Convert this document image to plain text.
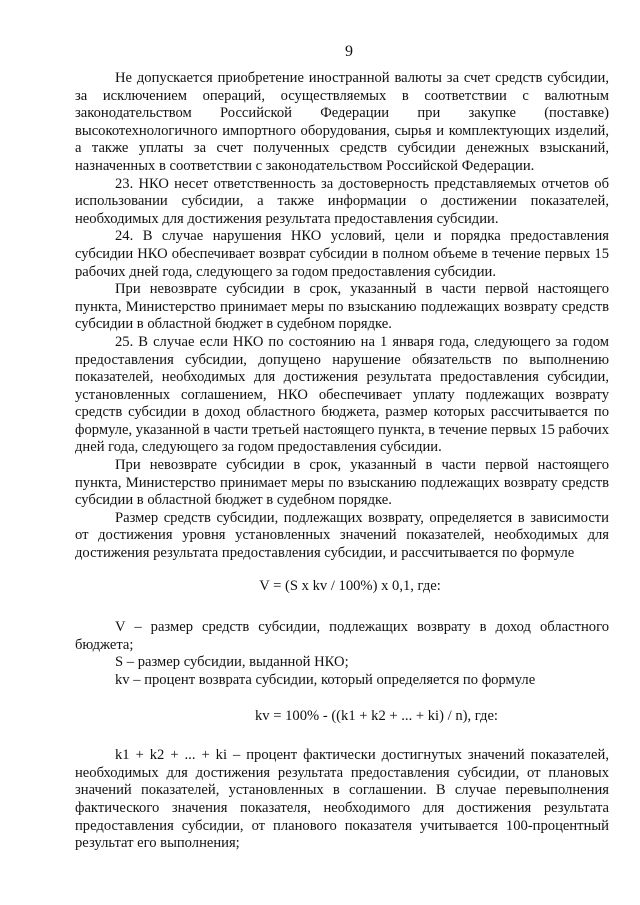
9

Не допускается приобретение иностранной валюты за счет средств субсидии, за исключением операций, осуществляемых в соответствии с валютным законодательством Российской Федерации при закупке (поставке) высокотехнологичного импортного оборудования, сырья и комплектующих изделий, а также уплаты за счет полученных средств субсидии денежных взысканий, назначенных в соответствии с законодательством Российской Федерации.

23. НКО несет ответственность за достоверность представляемых отчетов об использовании субсидии, а также информации о достижении показателей, необходимых для достижения результата предоставления субсидии.

24. В случае нарушения НКО условий, цели и порядка предоставления субсидии НКО обеспечивает возврат субсидии в полном объеме в течение первых 15 рабочих дней года, следующего за годом предоставления субсидии.

При невозврате субсидии в срок, указанный в части первой настоящего пункта, Министерство принимает меры по взысканию подлежащих возврату средств субсидии в областной бюджет в судебном порядке.

25. В случае если НКО по состоянию на 1 января года, следующего за годом предоставления субсидии, допущено нарушение обязательств по выполнению показателей, необходимых для достижения результата предоставления субсидии, установленных соглашением, НКО обеспечивает уплату подлежащих возврату средств субсидии в доход областного бюджета, размер которых рассчитывается по формуле, указанной в части третьей настоящего пункта, в течение первых 15 рабочих дней года, следующего за годом предоставления субсидии.

При невозврате субсидии в срок, указанный в части первой настоящего пункта, Министерство принимает меры по взысканию подлежащих возврату средств субсидии в областной бюджет в судебном порядке.

Размер средств субсидии, подлежащих возврату, определяется в зависимости от достижения уровня установленных значений показателей, необходимых для достижения результата предоставления субсидии, и рассчитывается по формуле

V = (S x kv / 100%) x 0,1, где:

V – размер средств субсидии, подлежащих возврату в доход областного бюджета;

S – размер субсидии, выданной НКО;

kv – процент возврата субсидии, который определяется по формуле

kv = 100% - ((k1 + k2 + ... + ki) / n), где:

k1 + k2 + ... + ki – процент фактически достигнутых значений показателей, необходимых для достижения результата предоставления субсидии, от плановых значений показателей, установленных в соглашении. В случае перевыполнения фактического значения показателя, необходимого для достижения результата предоставления субсидии, от планового показателя учитывается 100-процентный результат его выполнения;
